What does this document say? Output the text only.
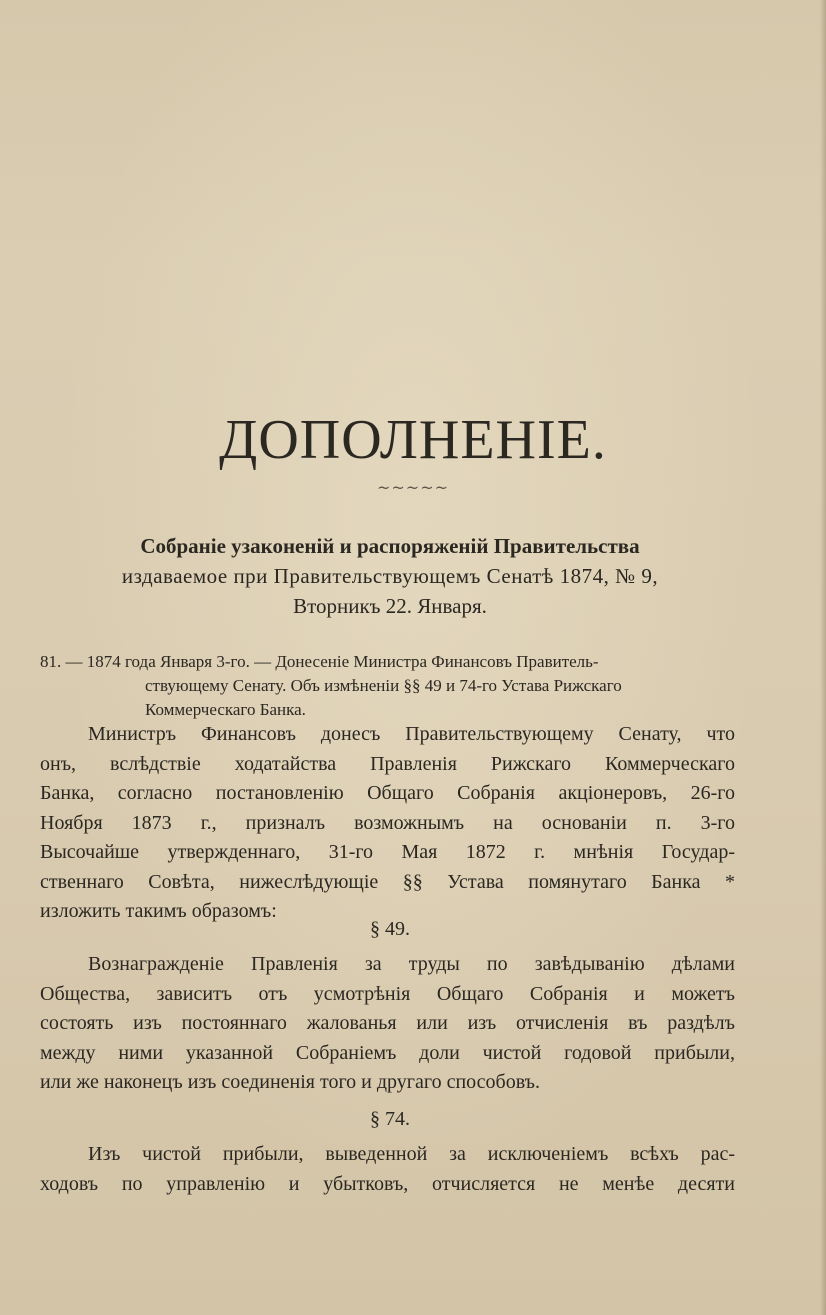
ДОПОЛНЕНІЕ.
~~~~~
Собраніе узаконеній и распоряженій Правительства
издаваемое при Правительствующемъ Сенатѣ 1874, № 9,
Вторникъ 22. Января.
81. — 1874 года Января 3-го. — Донесеніе Министра Финансовъ Правитель-
ствующему Сенату. Объ измѣненіи §§ 49 и 74-го Устава Рижскаго
Коммерческаго Банка.
Министръ Финансовъ донесъ Правительствующему Сенату, что
онъ, вслѣдствіе ходатайства Правленія Рижскаго Коммерческаго
Банка, согласно постановленію Общаго Собранія акціонеровъ, 26-го
Ноября 1873 г., призналъ возможнымъ на основаніи п. 3-го
Высочайше утвержденнаго, 31-го Мая 1872 г. мнѣнія Государ-
ственнаго Совѣта, нижеслѣдующіе §§ Устава помянутаго Банка *
изложить такимъ образомъ:
§ 49.
Вознагражденіе Правленія за труды по завѣдыванію дѣлами
Общества, зависитъ отъ усмотрѣнія Общаго Собранія и можетъ
состоять изъ постояннаго жалованья или изъ отчисленія въ раздѣлъ
между ними указанной Собраніемъ доли чистой годовой прибыли,
или же наконецъ изъ соединенія того и другаго способовъ.
§ 74.
Изъ чистой прибыли, выведенной за исключеніемъ всѣхъ рас-
ходовъ по управленію и убытковъ, отчисляется не менѣе десяти
